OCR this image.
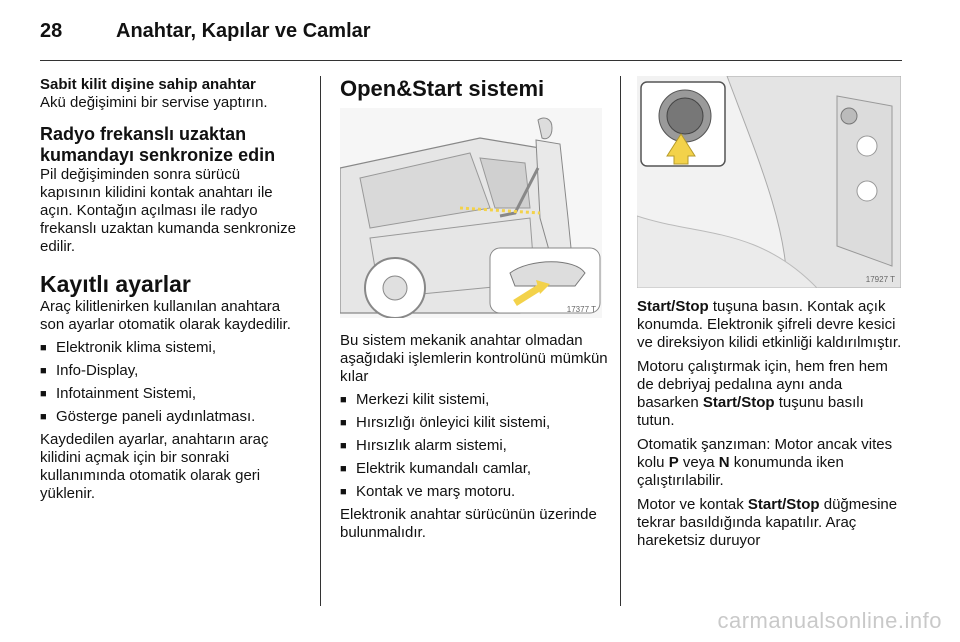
28	Anahtar, Kapılar ve Camlar

Sabit kilit dişine sahip anahtar

Akü değişimini bir servise yaptırın.

Radyo frekanslı uzaktan kumandayı senkronize edin

Pil değişiminden sonra sürücü kapısının kilidini kontak anahtarı ile açın. Kontağın açılması ile radyo frekanslı uzaktan kumanda senkronize edilir.

Kayıtlı ayarlar

Araç kilitlenirken kullanılan anahtara son ayarlar otomatik olarak kaydedilir.

■ Elektronik klima sistemi,
■ Info-Display,
■ Infotainment Sistemi,
■ Gösterge paneli aydınlatması.

Kaydedilen ayarlar, anahtarın araç kilidini açmak için bir sonraki kullanımında otomatik olarak geri yüklenir.

Open&Start sistemi

17377 T

Bu sistem mekanik anahtar olmadan aşağıdaki işlemlerin kontrolünü mümkün kılar

■ Merkezi kilit sistemi,
■ Hırsızlığı önleyici kilit sistemi,
■ Hırsızlık alarm sistemi,
■ Elektrik kumandalı camlar,
■ Kontak ve marş motoru.

Elektronik anahtar sürücünün üzerinde bulunmalıdır.

17927 T

Start/Stop tuşuna basın. Kontak açık konumda. Elektronik şifreli devre kesici ve direksiyon kilidi etkinliği kaldırılmıştır.

Motoru çalıştırmak için, hem fren hem de debriyaj pedalına aynı anda basarken Start/Stop tuşunu basılı tutun.

Otomatik şanzıman: Motor ancak vites kolu P veya N konumunda iken çalıştırılabilir.

Motor ve kontak Start/Stop düğmesine tekrar basıldığında kapatılır. Araç hareketsiz duruyor

carmanualsonline.info
